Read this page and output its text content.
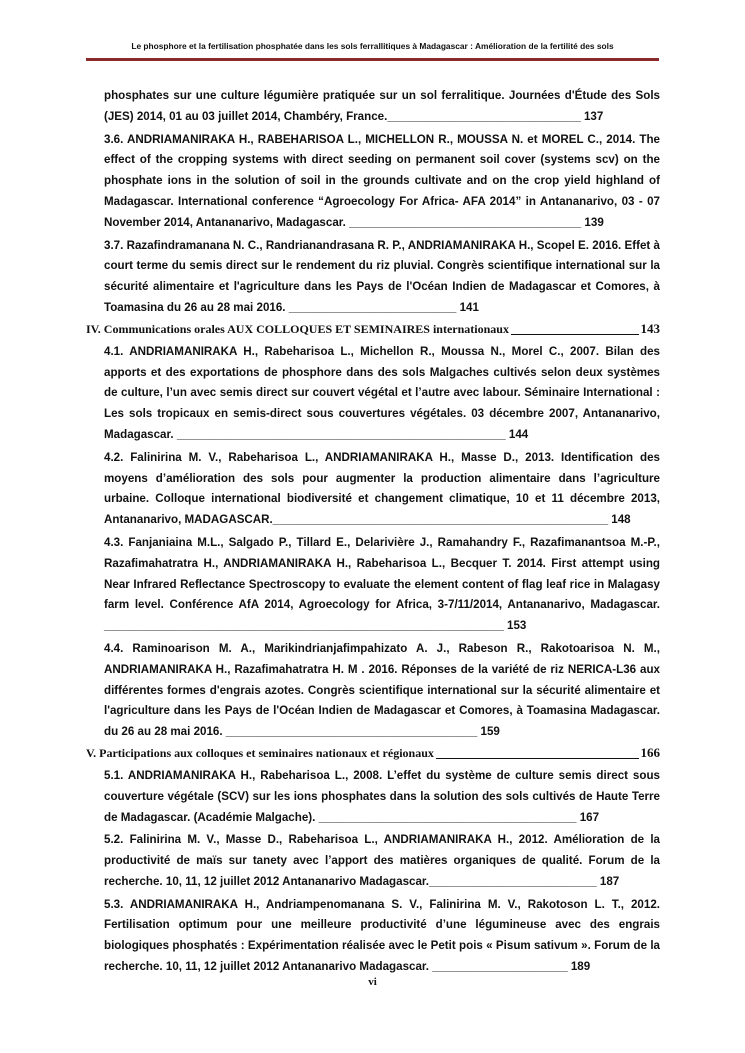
Le phosphore et la fertilisation phosphatée dans les sols ferrallitiques à Madagascar : Amélioration de la fertilité des sols
phosphates sur une culture légumière pratiquée sur un sol ferralitique. Journées d'Étude des Sols (JES) 2014, 01 au 03 juillet 2014, Chambéry, France.______________________________ 137
3.6. ANDRIAMANIRAKA H., RABEHARISOA L., MICHELLON R., MOUSSA N. et MOREL C., 2014. The effect of the cropping systems with direct seeding on permanent soil cover (systems scv) on the phosphate ions in the solution of soil in the grounds cultivate and on the crop yield highland of Madagascar. International conference “Agroecology For Africa- AFA 2014” in Antananarivo, 03 - 07 November 2014, Antananarivo, Madagascar. ____________________________________ 139
3.7. Razafindramanana N. C., Randrianandrasana R. P., ANDRIAMANIRAKA H., Scopel E. 2016. Effet à court terme du semis direct sur le rendement du riz pluvial. Congrès scientifique international sur la sécurité alimentaire et l'agriculture dans les Pays de l'Océan Indien de Madagascar et Comores, à Toamasina du 26 au 28 mai 2016. __________________________ 141
IV. Communications orales AUX COLLOQUES ET SEMINAIRES internationaux	143
4.1. ANDRIAMANIRAKA H., Rabeharisoa L., Michellon R., Moussa N., Morel C., 2007. Bilan des apports et des exportations de phosphore dans des sols Malgaches cultivés selon deux systèmes de culture, l’un avec semis direct sur couvert végétal et l’autre avec labour. Séminaire International : Les sols tropicaux en semis-direct sous couvertures végétales. 03 décembre 2007, Antananarivo, Madagascar. ___________________________________________________ 144
4.2. Falinirina M. V., Rabeharisoa L., ANDRIAMANIRAKA H., Masse D., 2013. Identification des moyens d’amélioration des sols pour augmenter la production alimentaire dans l’agriculture urbaine. Colloque international biodiversité et changement climatique, 10 et 11 décembre 2013, Antananarivo, MADAGASCAR.____________________________________________________ 148
4.3. Fanjaniaina M.L., Salgado P., Tillard E., Delarivière J., Ramahandry F., Razafimanantsoa M.-P., Razafimahatratra H., ANDRIAMANIRAKA H., Rabeharisoa L., Becquer T. 2014. First attempt using Near Infrared Reflectance Spectroscopy to evaluate the element content of flag leaf rice in Malagasy farm level. Conférence AfA 2014, Agroecology for Africa, 3-7/11/2014, Antananarivo, Madagascar. ______________________________________________________________ 153
4.4. Raminoarison M. A., Marikindrianjafimpahizato A. J., Rabeson R., Rakotoarisoa N. M., ANDRIAMANIRAKA H., Razafimahatratra H. M . 2016. Réponses de la variété de riz NERICA-L36 aux différentes formes d'engrais azotes. Congrès scientifique international sur la sécurité alimentaire et l'agriculture dans les Pays de l'Océan Indien de Madagascar et Comores, à Toamasina Madagascar. du 26 au 28 mai 2016. _______________________________________ 159
V. Participations aux colloques et seminaires nationaux et régionaux	166
5.1. ANDRIAMANIRAKA H., Rabeharisoa L., 2008. L’effet du système de culture semis direct sous couverture végétale (SCV) sur les ions phosphates dans la solution des sols cultivés de Haute Terre de Madagascar. (Académie Malgache). ________________________________________ 167
5.2. Falinirina M. V., Masse D., Rabeharisoa L., ANDRIAMANIRAKA H., 2012. Amélioration de la productivité de maïs sur tanety avec l’apport des matières organiques de qualité. Forum de la recherche. 10, 11, 12 juillet 2012 Antananarivo Madagascar.__________________________ 187
5.3. ANDRIAMANIRAKA H., Andriampenomanana S. V., Falinirina M. V., Rakotoson L. T., 2012. Fertilisation optimum pour une meilleure productivité d’une légumineuse avec des engrais biologiques phosphatés : Expérimentation réalisée avec le Petit pois « Pisum sativum ». Forum de la recherche. 10, 11, 12 juillet 2012 Antananarivo Madagascar. _____________________ 189
vi
